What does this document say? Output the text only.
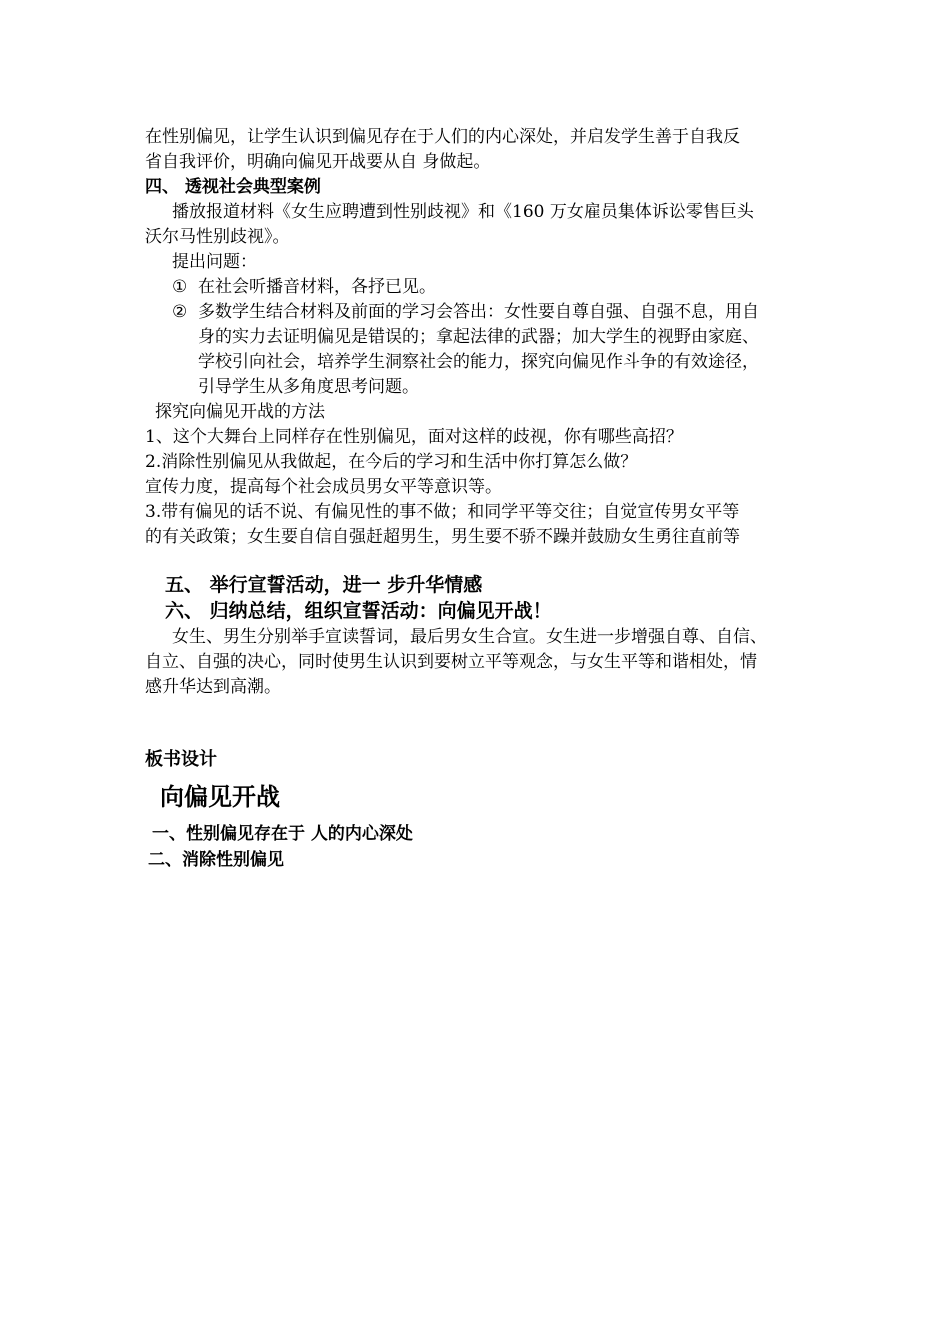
在性别偏见，让学生认识到偏见存在于人们的内心深处，并启发学生善于自我反
省自我评价，明确向偏见开战要从自 身做起。
四、 透视社会典型案例
播放报道材料《女生应聘遭到性别歧视》和《160 万女雇员集体诉讼零售巨头
沃尔马性别歧视》。
提出问题：
① 在社会听播音材料，各抒已见。
② 多数学生结合材料及前面的学习会答出：女性要自尊自强、自强不息，用自
身的实力去证明偏见是错误的；拿起法律的武器；加大学生的视野由家庭、
学校引向社会，培养学生洞察社会的能力，探究向偏见作斗争的有效途径，
引导学生从多角度思考问题。
探究向偏见开战的方法
1、这个大舞台上同样存在性别偏见，面对这样的歧视，你有哪些高招？
2.消除性别偏见从我做起，在今后的学习和生活中你打算怎么做？
宣传力度，提高每个社会成员男女平等意识等。
3.带有偏见的话不说、有偏见性的事不做；和同学平等交往；自觉宣传男女平等
的有关政策；女生要自信自强赶超男生，男生要不骄不躁并鼓励女生勇往直前等
五、 举行宣誓活动，进一 步升华情感
六、 归纳总结，组织宣誓活动：向偏见开战！
女生、男生分别举手宣读誓词，最后男女生合宣。女生进一步增强自尊、自信、
自立、自强的决心，同时使男生认识到要树立平等观念，与女生平等和谐相处，情
感升华达到高潮。
板书设计
向偏见开战
一、性别偏见存在于 人的内心深处
二、消除性别偏见
